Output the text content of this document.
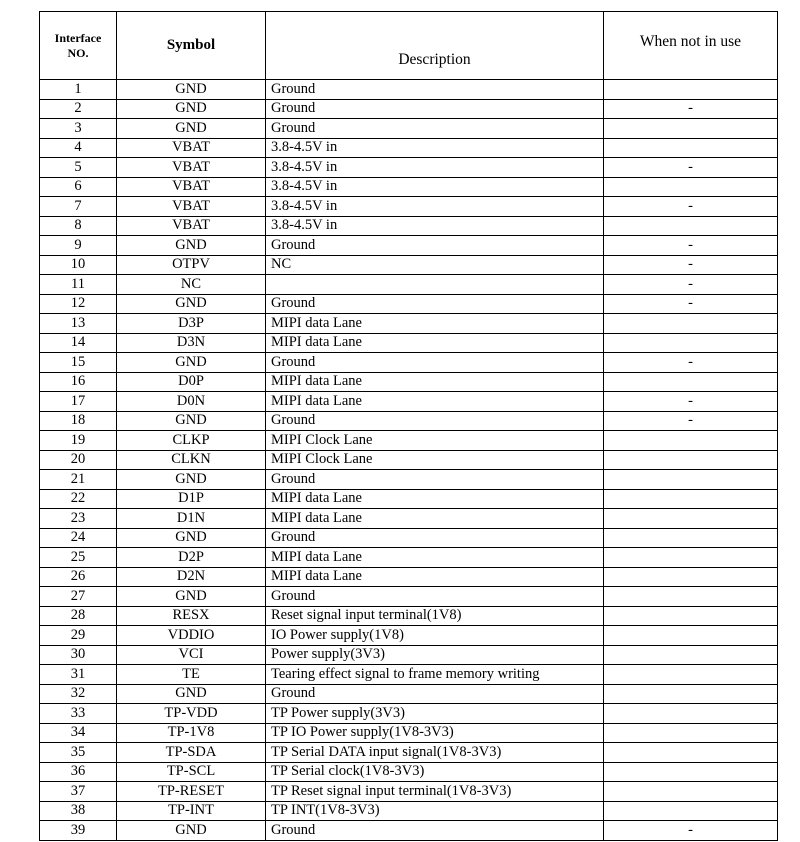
Interface
NO.	Symbol	Description	When not in use
1	GND	Ground	
2	GND	Ground	-
3	GND	Ground	
4	VBAT	3.8-4.5V in	
5	VBAT	3.8-4.5V in	-
6	VBAT	3.8-4.5V in	
7	VBAT	3.8-4.5V in	-
8	VBAT	3.8-4.5V in	
9	GND	Ground	-
10	OTPV	NC	-
11	NC		-
12	GND	Ground	-
13	D3P	MIPI data Lane	
14	D3N	MIPI data Lane	
15	GND	Ground	-
16	D0P	MIPI data Lane	
17	D0N	MIPI data Lane	-
18	GND	Ground	-
19	CLKP	MIPI Clock Lane	
20	CLKN	MIPI Clock Lane	
21	GND	Ground	
22	D1P	MIPI data Lane	
23	D1N	MIPI data Lane	
24	GND	Ground	
25	D2P	MIPI data Lane	
26	D2N	MIPI data Lane	
27	GND	Ground	
28	RESX	Reset signal input terminal(1V8)	
29	VDDIO	IO Power supply(1V8)	
30	VCI	Power supply(3V3)	
31	TE	Tearing effect signal to frame memory writing	
32	GND	Ground	
33	TP-VDD	TP Power supply(3V3)	
34	TP-1V8	TP IO Power supply(1V8-3V3)	
35	TP-SDA	TP Serial DATA input signal(1V8-3V3)	
36	TP-SCL	TP Serial clock(1V8-3V3)	
37	TP-RESET	TP Reset signal input terminal(1V8-3V3)	
38	TP-INT	TP INT(1V8-3V3)	
39	GND	Ground	-
